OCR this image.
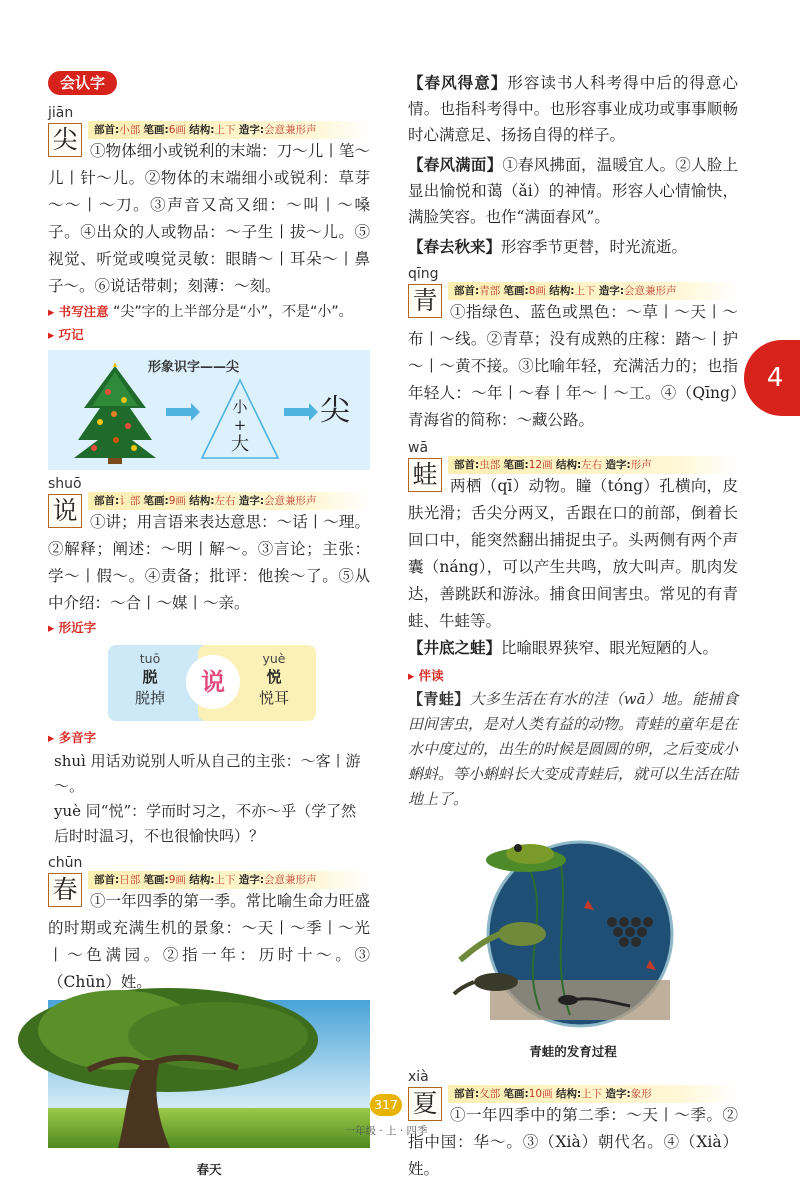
会认字
jiān
尖	部首:小部 笔画:6画 结构:上下 造字:会意兼形声
①物体细小或锐利的末端：刀～儿丨笔～儿丨针～儿。②物体的末端细小或锐利：草芽～～丨～刀。③声音又高又细：～叫丨～嗓子。④出众的人或物品：～子生丨拔～儿。⑤视觉、听觉或嗅觉灵敏：眼睛～丨耳朵～丨鼻子～。⑥说话带刺；刻薄：～刻。
▸ 书写注意 “尖”字的上半部分是“小”，不是“小”。
▸ 巧记
形象识字——尖
小
+
大
尖
shuō
说	部首:讠部 笔画:9画 结构:左右 造字:会意兼形声
①讲；用言语来表达意思：～话丨～理。②解释；阐述：～明丨解～。③言论；主张：学～丨假～。④责备；批评：他挨～了。⑤从中介绍：～合丨～媒丨～亲。
▸ 形近字
tuō
脱
脱掉
yuè
悦
悦耳
说
▸ 多音字
shuì 用话劝说别人听从自己的主张：～客丨游～。
yuè 同“悦”：学而时习之，不亦～乎（学了然后时时温习，不也很愉快吗）？
chūn
春	部首:日部 笔画:9画 结构:上下 造字:会意兼形声
①一年四季的第一季。常比喻生命力旺盛的时期或充满生机的景象：～天丨～季丨～光丨～色满园。②指一年：历时十～。③（Chūn）姓。
春天
【春风得意】形容读书人科考得中后的得意心情。也指科考得中。也形容事业成功或事事顺畅时心满意足、扬扬自得的样子。
【春风满面】①春风拂面，温暖宜人。②人脸上显出愉悦和蔼（ǎi）的神情。形容人心情愉快，满脸笑容。也作“满面春风”。
【春去秋来】形容季节更替，时光流逝。
qīng
青	部首:青部 笔画:8画 结构:上下 造字:会意兼形声
①指绿色、蓝色或黑色：～草丨～天丨～布丨～线。②青草；没有成熟的庄稼：踏～丨护～丨～黄不接。③比喻年轻，充满活力的；也指年轻人：～年丨～春丨年～丨～工。④（Qīng）青海省的简称：～藏公路。
wā
蛙	部首:虫部 笔画:12画 结构:左右 造字:形声
两栖（qī）动物。瞳（tóng）孔横向，皮肤光滑；舌尖分两叉，舌跟在口的前部，倒着长回口中，能突然翻出捕捉虫子。头两侧有两个声囊（náng），可以产生共鸣，放大叫声。肌肉发达，善跳跃和游泳。捕食田间害虫。常见的有青蛙、牛蛙等。
【井底之蛙】比喻眼界狭窄、眼光短陋的人。
▸ 伴读
【青蛙】大多生活在有水的洼（wā）地。能捕食田间害虫，是对人类有益的动物。青蛙的童年是在水中度过的，出生的时候是圆圆的卵，之后变成小蝌蚪。等小蝌蚪长大变成青蛙后，就可以生活在陆地上了。
青蛙的发育过程
xià
夏	部首:夂部 笔画:10画 结构:上下 造字:象形
①一年四季中的第二季：～天丨～季。②指中国：华～。③（Xià）朝代名。④（Xià）姓。
4
317
一年级 · 上 · 四季
